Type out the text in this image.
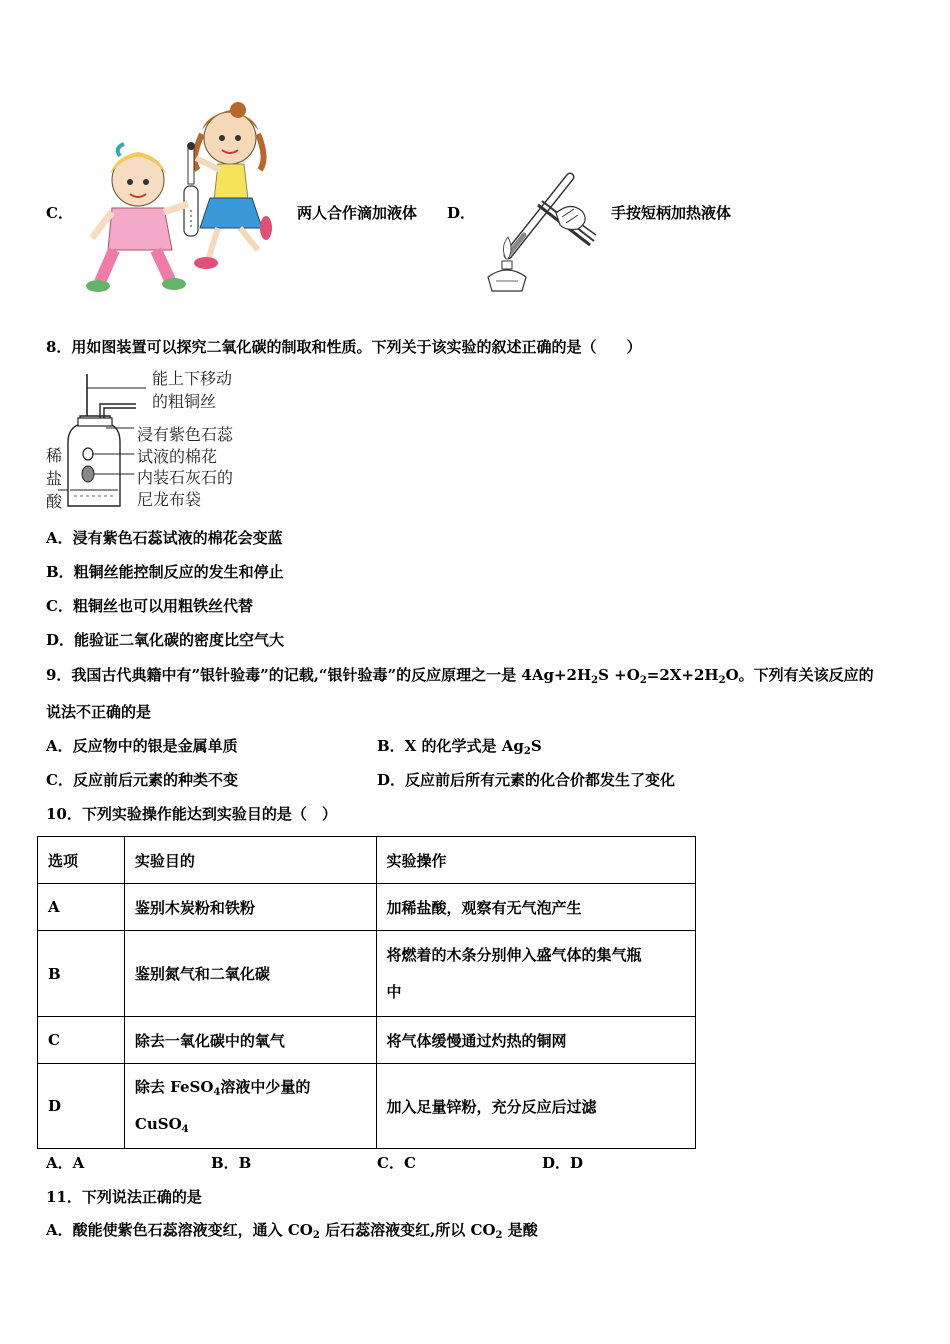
C．	两人合作滴加液体 D．	手按短柄加热液体
8．用如图装置可以探究二氧化碳的制取和性质。下列关于该实验的叙述正确的是（　　）
能上下移动
的粗铜丝
浸有紫色石蕊
试液的棉花
内装石灰石的
尼龙布袋
稀
盐
酸
A．浸有紫色石蕊试液的棉花会变蓝
B．粗铜丝能控制反应的发生和停止
C．粗铜丝也可以用粗铁丝代替
D．能验证二氧化碳的密度比空气大
9．我国古代典籍中有”银针验毒”的记载,“银针验毒”的反应原理之一是 $4Ag+2H_2S +O_2=2X+2H_2O$。下列有关该反应的
说法不正确的是
A．反应物中的银是金属单质	B．X 的化学式是 $Ag_2S$
C．反应前后元素的种类不变	D．反应前后所有元素的化合价都发生了变化
10．下列实验操作能达到实验目的是（　）
选项	实验目的	实验操作
A	鉴别木炭粉和铁粉	加稀盐酸，观察有无气泡产生
B	鉴别氮气和二氧化碳	将燃着的木条分别伸入盛气体的集气瓶
中

C	除去一氧化碳中的氧气	将气体缓慢通过灼热的铜网
D	除去 FeSO$_4$溶液中少量的
CuSO$_4$	加入足量锌粉，充分反应后过滤
A．A	B．B	C．C	D．D
11．下列说法正确的是
A．酸能使紫色石蕊溶液变红，通入 $CO_2$ 后石蕊溶液变红,所以 $CO_2$ 是酸
